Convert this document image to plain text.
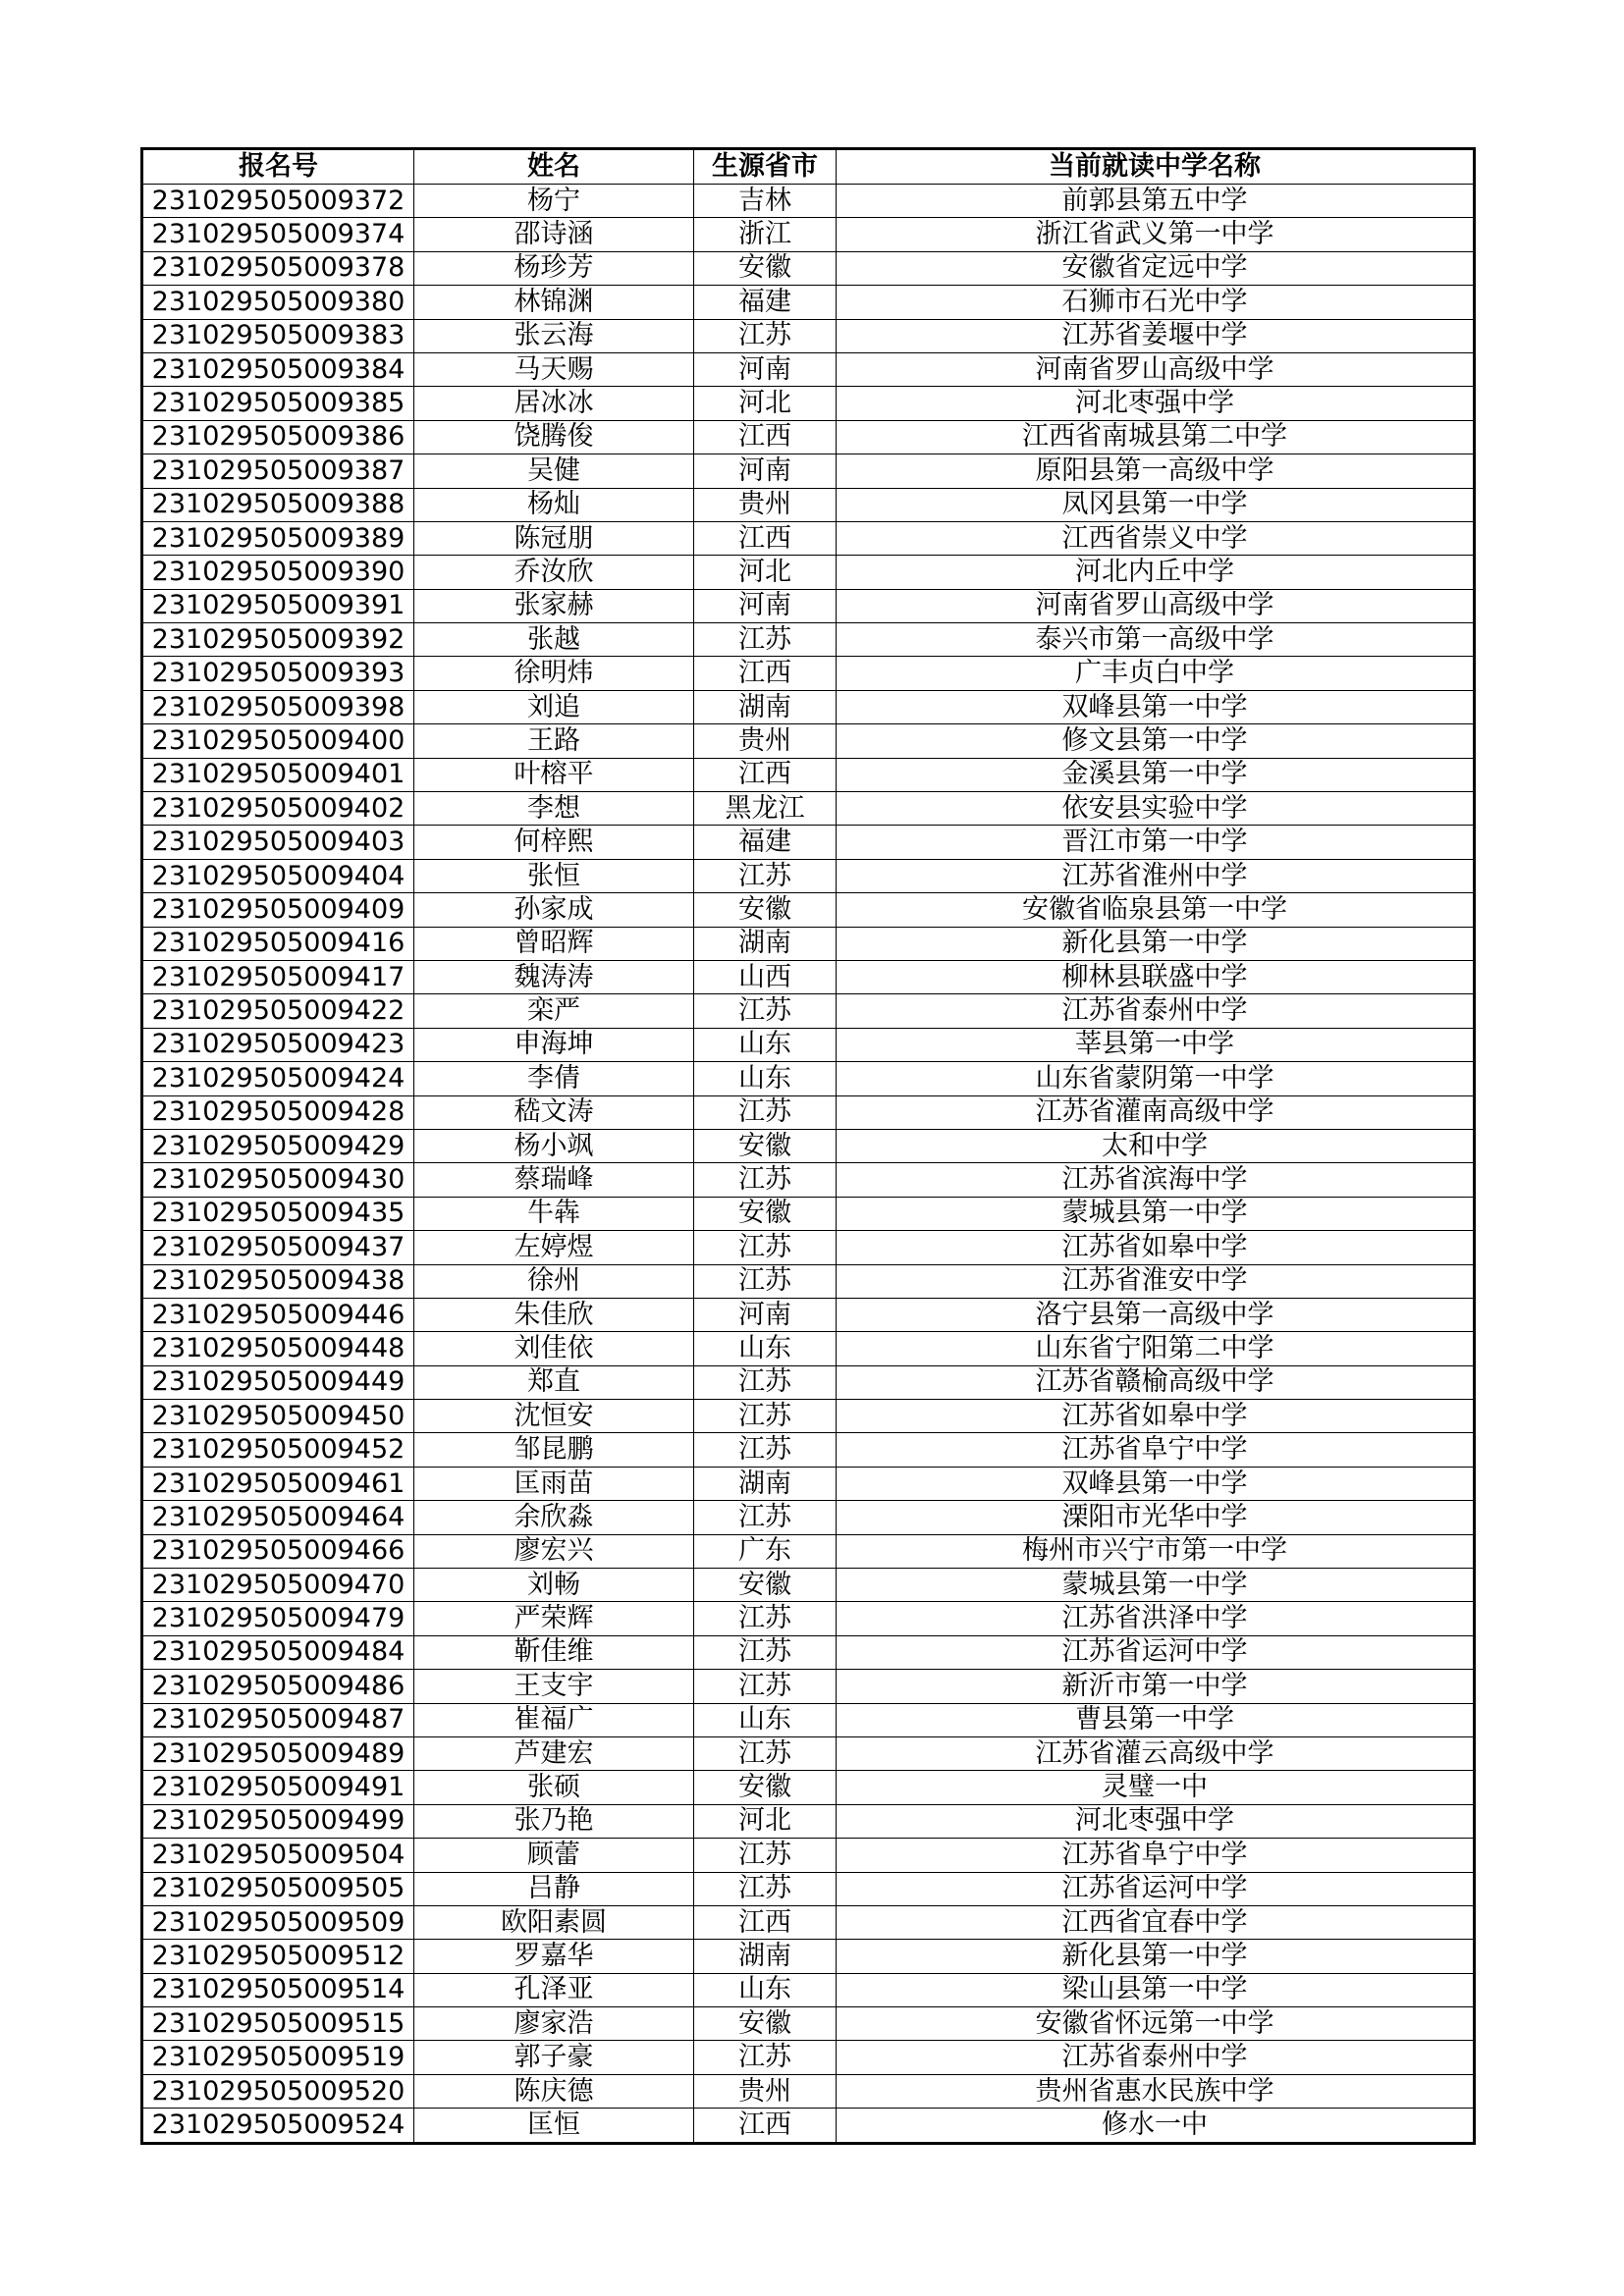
报名号	姓名	生源省市	当前就读中学名称
231029505009372	杨宁	吉林	前郭县第五中学
231029505009374	邵诗涵	浙江	浙江省武义第一中学
231029505009378	杨珍芳	安徽	安徽省定远中学
231029505009380	林锦渊	福建	石狮市石光中学
231029505009383	张云海	江苏	江苏省姜堰中学
231029505009384	马天赐	河南	河南省罗山高级中学
231029505009385	居冰冰	河北	河北枣强中学
231029505009386	饶腾俊	江西	江西省南城县第二中学
231029505009387	吴健	河南	原阳县第一高级中学
231029505009388	杨灿	贵州	凤冈县第一中学
231029505009389	陈冠朋	江西	江西省崇义中学
231029505009390	乔汝欣	河北	河北内丘中学
231029505009391	张家赫	河南	河南省罗山高级中学
231029505009392	张越	江苏	泰兴市第一高级中学
231029505009393	徐明炜	江西	广丰贞白中学
231029505009398	刘追	湖南	双峰县第一中学
231029505009400	王路	贵州	修文县第一中学
231029505009401	叶榕平	江西	金溪县第一中学
231029505009402	李想	黑龙江	依安县实验中学
231029505009403	何梓熙	福建	晋江市第一中学
231029505009404	张恒	江苏	江苏省淮州中学
231029505009409	孙家成	安徽	安徽省临泉县第一中学
231029505009416	曾昭辉	湖南	新化县第一中学
231029505009417	魏涛涛	山西	柳林县联盛中学
231029505009422	栾严	江苏	江苏省泰州中学
231029505009423	申海坤	山东	莘县第一中学
231029505009424	李倩	山东	山东省蒙阴第一中学
231029505009428	嵇文涛	江苏	江苏省灌南高级中学
231029505009429	杨小飒	安徽	太和中学
231029505009430	蔡瑞峰	江苏	江苏省滨海中学
231029505009435	牛犇	安徽	蒙城县第一中学
231029505009437	左婷煜	江苏	江苏省如皋中学
231029505009438	徐州	江苏	江苏省淮安中学
231029505009446	朱佳欣	河南	洛宁县第一高级中学
231029505009448	刘佳依	山东	山东省宁阳第二中学
231029505009449	郑直	江苏	江苏省赣榆高级中学
231029505009450	沈恒安	江苏	江苏省如皋中学
231029505009452	邹昆鹏	江苏	江苏省阜宁中学
231029505009461	匡雨苗	湖南	双峰县第一中学
231029505009464	余欣淼	江苏	溧阳市光华中学
231029505009466	廖宏兴	广东	梅州市兴宁市第一中学
231029505009470	刘畅	安徽	蒙城县第一中学
231029505009479	严荣辉	江苏	江苏省洪泽中学
231029505009484	靳佳维	江苏	江苏省运河中学
231029505009486	王支宇	江苏	新沂市第一中学
231029505009487	崔福广	山东	曹县第一中学
231029505009489	芦建宏	江苏	江苏省灌云高级中学
231029505009491	张硕	安徽	灵璧一中
231029505009499	张乃艳	河北	河北枣强中学
231029505009504	顾蕾	江苏	江苏省阜宁中学
231029505009505	吕静	江苏	江苏省运河中学
231029505009509	欧阳素圆	江西	江西省宜春中学
231029505009512	罗嘉华	湖南	新化县第一中学
231029505009514	孔泽亚	山东	梁山县第一中学
231029505009515	廖家浩	安徽	安徽省怀远第一中学
231029505009519	郭子豪	江苏	江苏省泰州中学
231029505009520	陈庆德	贵州	贵州省惠水民族中学
231029505009524	匡恒	江西	修水一中
